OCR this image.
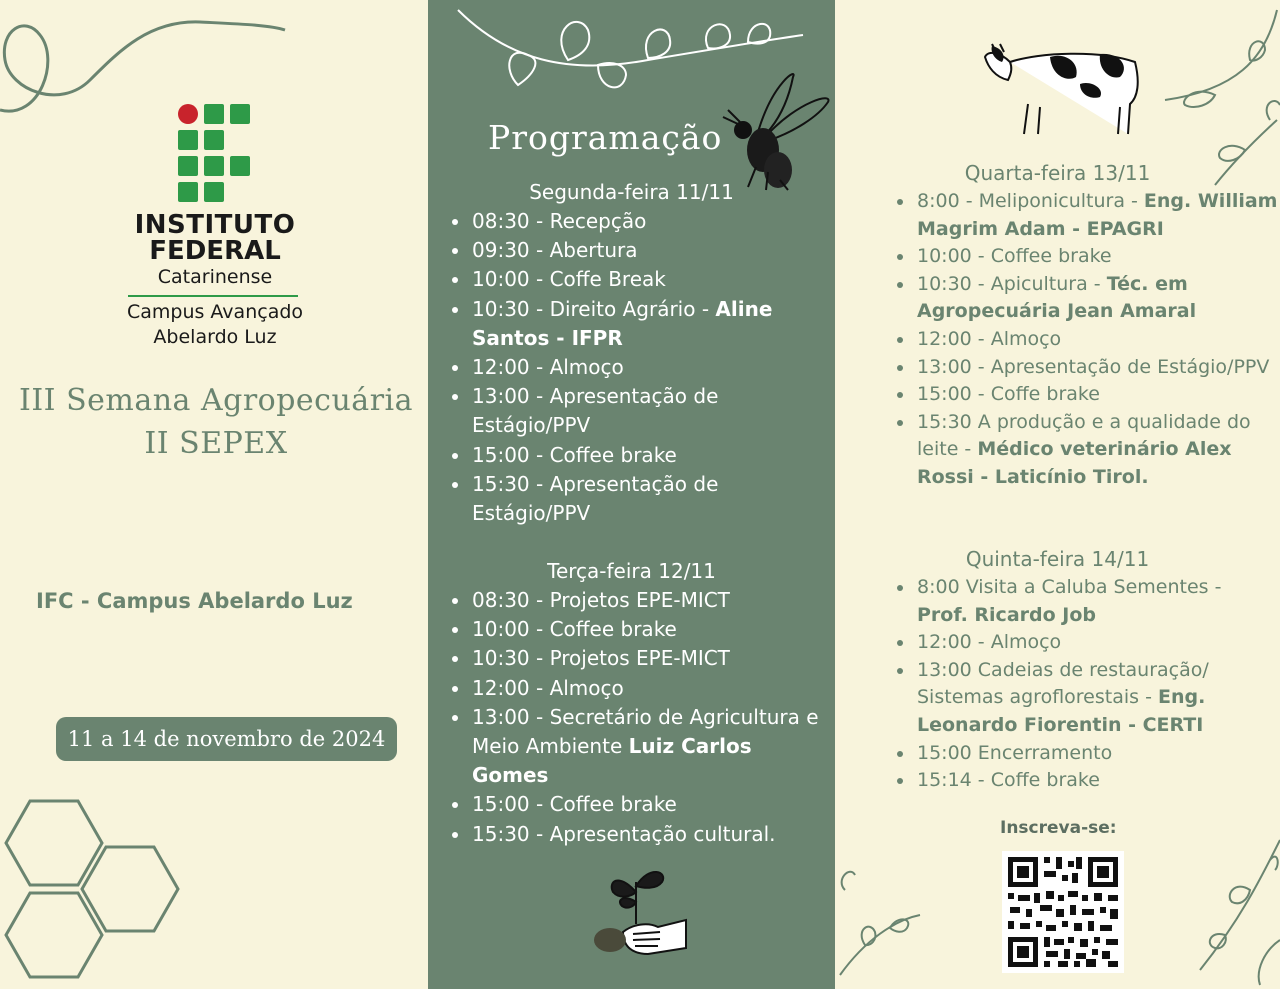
INSTITUTO
FEDERAL
Catarinense
Campus Avançado
Abelardo Luz
III Semana Agropecuária
II SEPEX
IFC - Campus Abelardo Luz
11 a 14 de novembro de 2024
Programação
Segunda-feira 11/11
08:30 - Recepção
09:30 - Abertura
10:00 - Coffe Break
10:30 - Direito Agrário - Aline Santos - IFPR
12:00 - Almoço
13:00 - Apresentação de Estágio/PPV
15:00 - Coffee brake
15:30 - Apresentação de Estágio/PPV
Terça-feira 12/11
08:30 - Projetos EPE-MICT
10:00 - Coffee brake
10:30 - Projetos EPE-MICT
12:00 - Almoço
13:00 - Secretário de Agricultura e Meio Ambiente Luiz Carlos Gomes
15:00 - Coffee brake
15:30 - Apresentação cultural.
Quarta-feira 13/11
8:00 - Meliponicultura - Eng. William Magrim Adam - EPAGRI
10:00 - Coffee brake
10:30 - Apicultura - Téc. em Agropecuária Jean Amaral
12:00 - Almoço
13:00 - Apresentação de Estágio/PPV
15:00 - Coffe brake
15:30 A produção e a qualidade do leite - Médico veterinário Alex Rossi - Laticínio Tirol.
Quinta-feira 14/11
8:00 Visita a Caluba Sementes - Prof. Ricardo Job
12:00 - Almoço
13:00 Cadeias de restauração/ Sistemas agroflorestais - Eng. Leonardo Fiorentin - CERTI
15:00 Encerramento
15:14 - Coffe brake
Inscreva-se:
